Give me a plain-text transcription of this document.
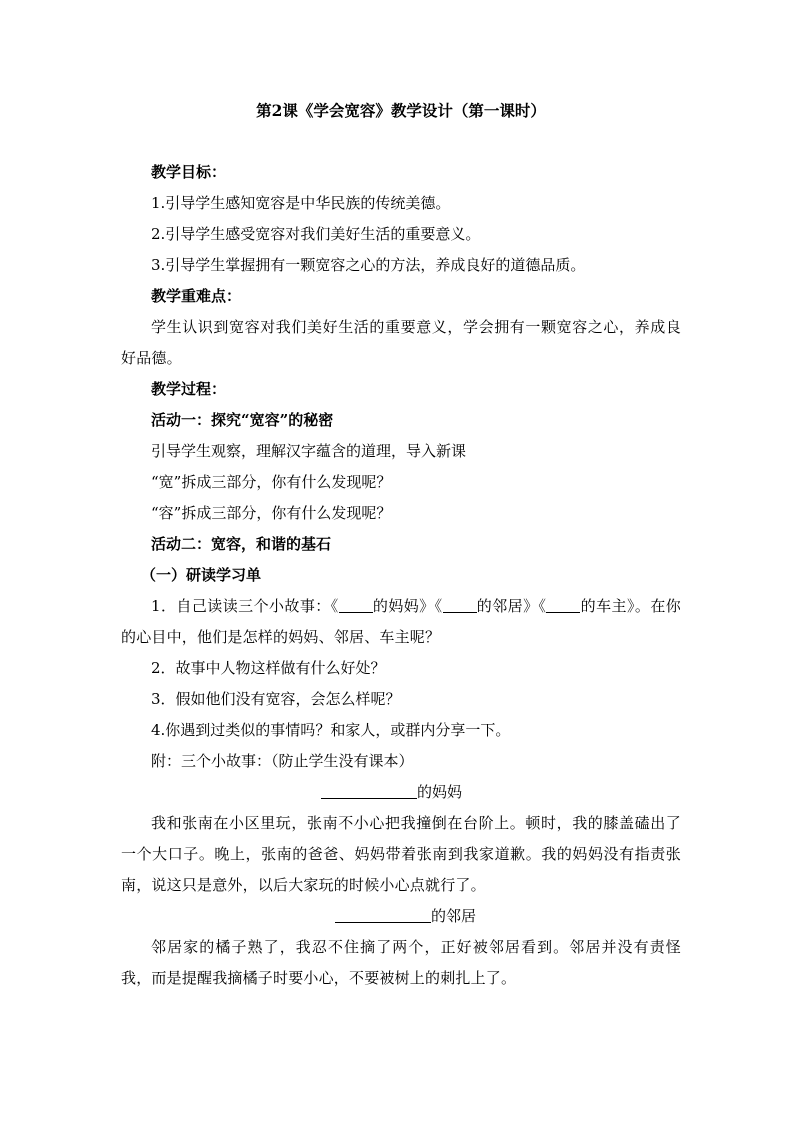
第2课《学会宽容》教学设计（第一课时）
教学目标：
1.引导学生感知宽容是中华民族的传统美德。
2.引导学生感受宽容对我们美好生活的重要意义。
3.引导学生掌握拥有一颗宽容之心的方法，养成良好的道德品质。
教学重难点：
学生认识到宽容对我们美好生活的重要意义，学会拥有一颗宽容之心，养成良好品德。
教学过程：
活动一：探究“宽容”的秘密
引导学生观察，理解汉字蕴含的道理，导入新课
“宽”拆成三部分，你有什么发现呢？
“容”拆成三部分，你有什么发现呢？
活动二：宽容，和谐的基石
（一）研读学习单
1．自己读读三个小故事：《 的妈妈》《 的邻居》《 的车主》。在你的心目中，他们是怎样的妈妈、邻居、车主呢？
2．故事中人物这样做有什么好处？
3．假如他们没有宽容，会怎么样呢？
4.你遇到过类似的事情吗？和家人，或群内分享一下。
附：三个小故事：（防止学生没有课本）
的妈妈
我和张南在小区里玩，张南不小心把我撞倒在台阶上。顿时，我的膝盖磕出了一个大口子。晚上，张南的爸爸、妈妈带着张南到我家道歉。我的妈妈没有指责张南，说这只是意外，以后大家玩的时候小心点就行了。
的邻居
邻居家的橘子熟了，我忍不住摘了两个，正好被邻居看到。邻居并没有责怪我，而是提醒我摘橘子时要小心，不要被树上的刺扎上了。
